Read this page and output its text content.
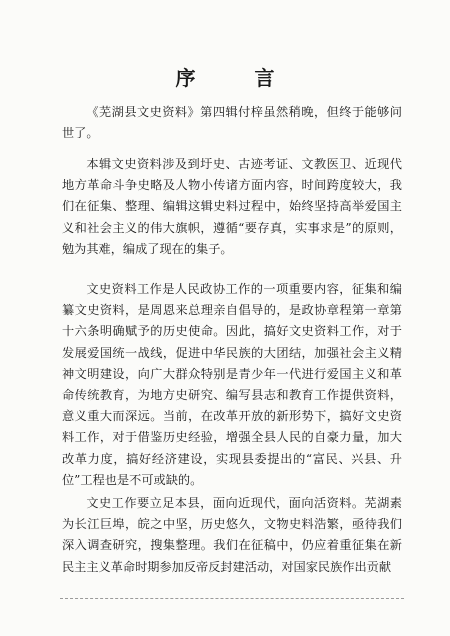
序 言

《芜湖县文史资料》第四辑付梓虽然稍晚，但终于能够问世了。

本辑文史资料涉及到圩史、古迹考证、文教医卫、近现代地方革命斗争史略及人物小传诸方面内容，时间跨度较大，我们在征集、整理、编辑这辑史料过程中，始终坚持高举爱国主义和社会主义的伟大旗帜，遵循“要存真，实事求是”的原则，勉为其难，编成了现在的集子。

文史资料工作是人民政协工作的一项重要内容，征集和编纂文史资料，是周恩来总理亲自倡导的，是政协章程第一章第十六条明确赋予的历史使命。因此，搞好文史资料工作，对于发展爱国统一战线，促进中华民族的大团结，加强社会主义精神文明建设，向广大群众特别是青少年一代进行爱国主义和革命传统教育，为地方史研究、编写县志和教育工作提供资料，意义重大而深远。当前，在改革开放的新形势下，搞好文史资料工作，对于借鉴历史经验，增强全县人民的自豪力量，加大改革力度，搞好经济建设，实现县委提出的“富民、兴县、升位”工程也是不可或缺的。

文史工作要立足本县，面向近现代，面向活资料。芜湖素为长江巨埠，皖之中坚，历史悠久，文物史料浩繁，亟待我们深入调查研究，搜集整理。我们在征稿中，仍应着重征集在新民主主义革命时期参加反帝反封建活动，对国家民族作出贡献
